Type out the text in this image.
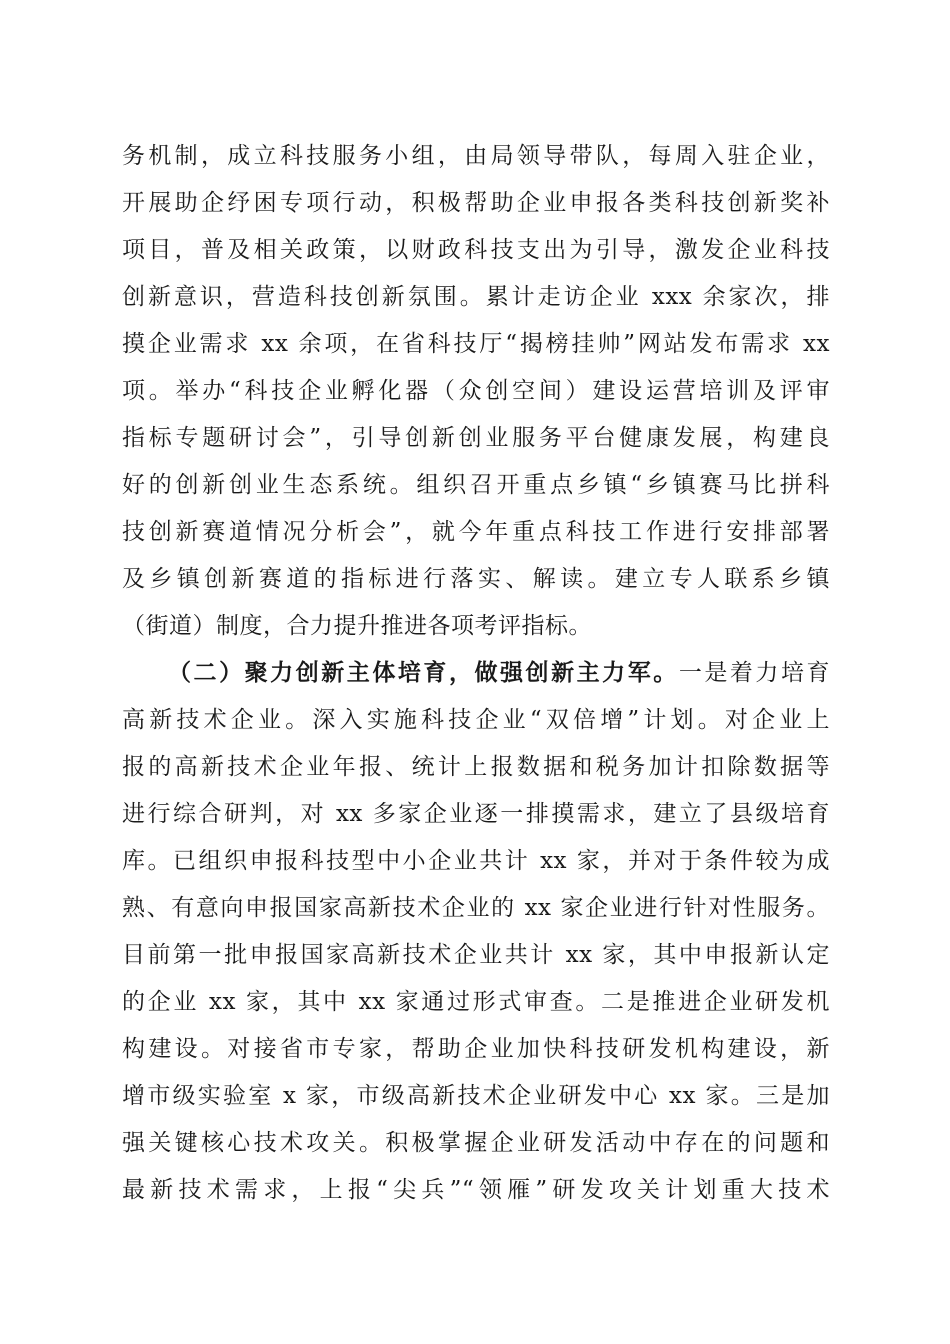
务机制，成立科技服务小组，由局领导带队，每周入驻企业，
开展助企纾困专项行动，积极帮助企业申报各类科技创新奖补
项目，普及相关政策，以财政科技支出为引导，激发企业科技
创新意识，营造科技创新氛围。累计走访企业 xxx 余家次，排
摸企业需求 xx 余项，在省科技厅“揭榜挂帅”网站发布需求 xx
项。举办“科技企业孵化器（众创空间）建设运营培训及评审
指标专题研讨会”，引导创新创业服务平台健康发展，构建良
好的创新创业生态系统。组织召开重点乡镇“乡镇赛马比拼科
技创新赛道情况分析会”，就今年重点科技工作进行安排部署
及乡镇创新赛道的指标进行落实、解读。建立专人联系乡镇
（街道）制度，合力提升推进各项考评指标。
（二）聚力创新主体培育，做强创新主力军。一是着力培育
高新技术企业。深入实施科技企业“双倍增”计划。对企业上
报的高新技术企业年报、统计上报数据和税务加计扣除数据等
进行综合研判，对 xx 多家企业逐一排摸需求，建立了县级培育
库。已组织申报科技型中小企业共计 xx 家，并对于条件较为成
熟、有意向申报国家高新技术企业的 xx 家企业进行针对性服务。
目前第一批申报国家高新技术企业共计 xx 家，其中申报新认定
的企业 xx 家，其中 xx 家通过形式审查。二是推进企业研发机
构建设。对接省市专家，帮助企业加快科技研发机构建设，新
增市级实验室 x 家，市级高新技术企业研发中心 xx 家。三是加
强关键核心技术攻关。积极掌握企业研发活动中存在的问题和
最新技术需求，上报“尖兵”“领雁”研发攻关计划重大技术
